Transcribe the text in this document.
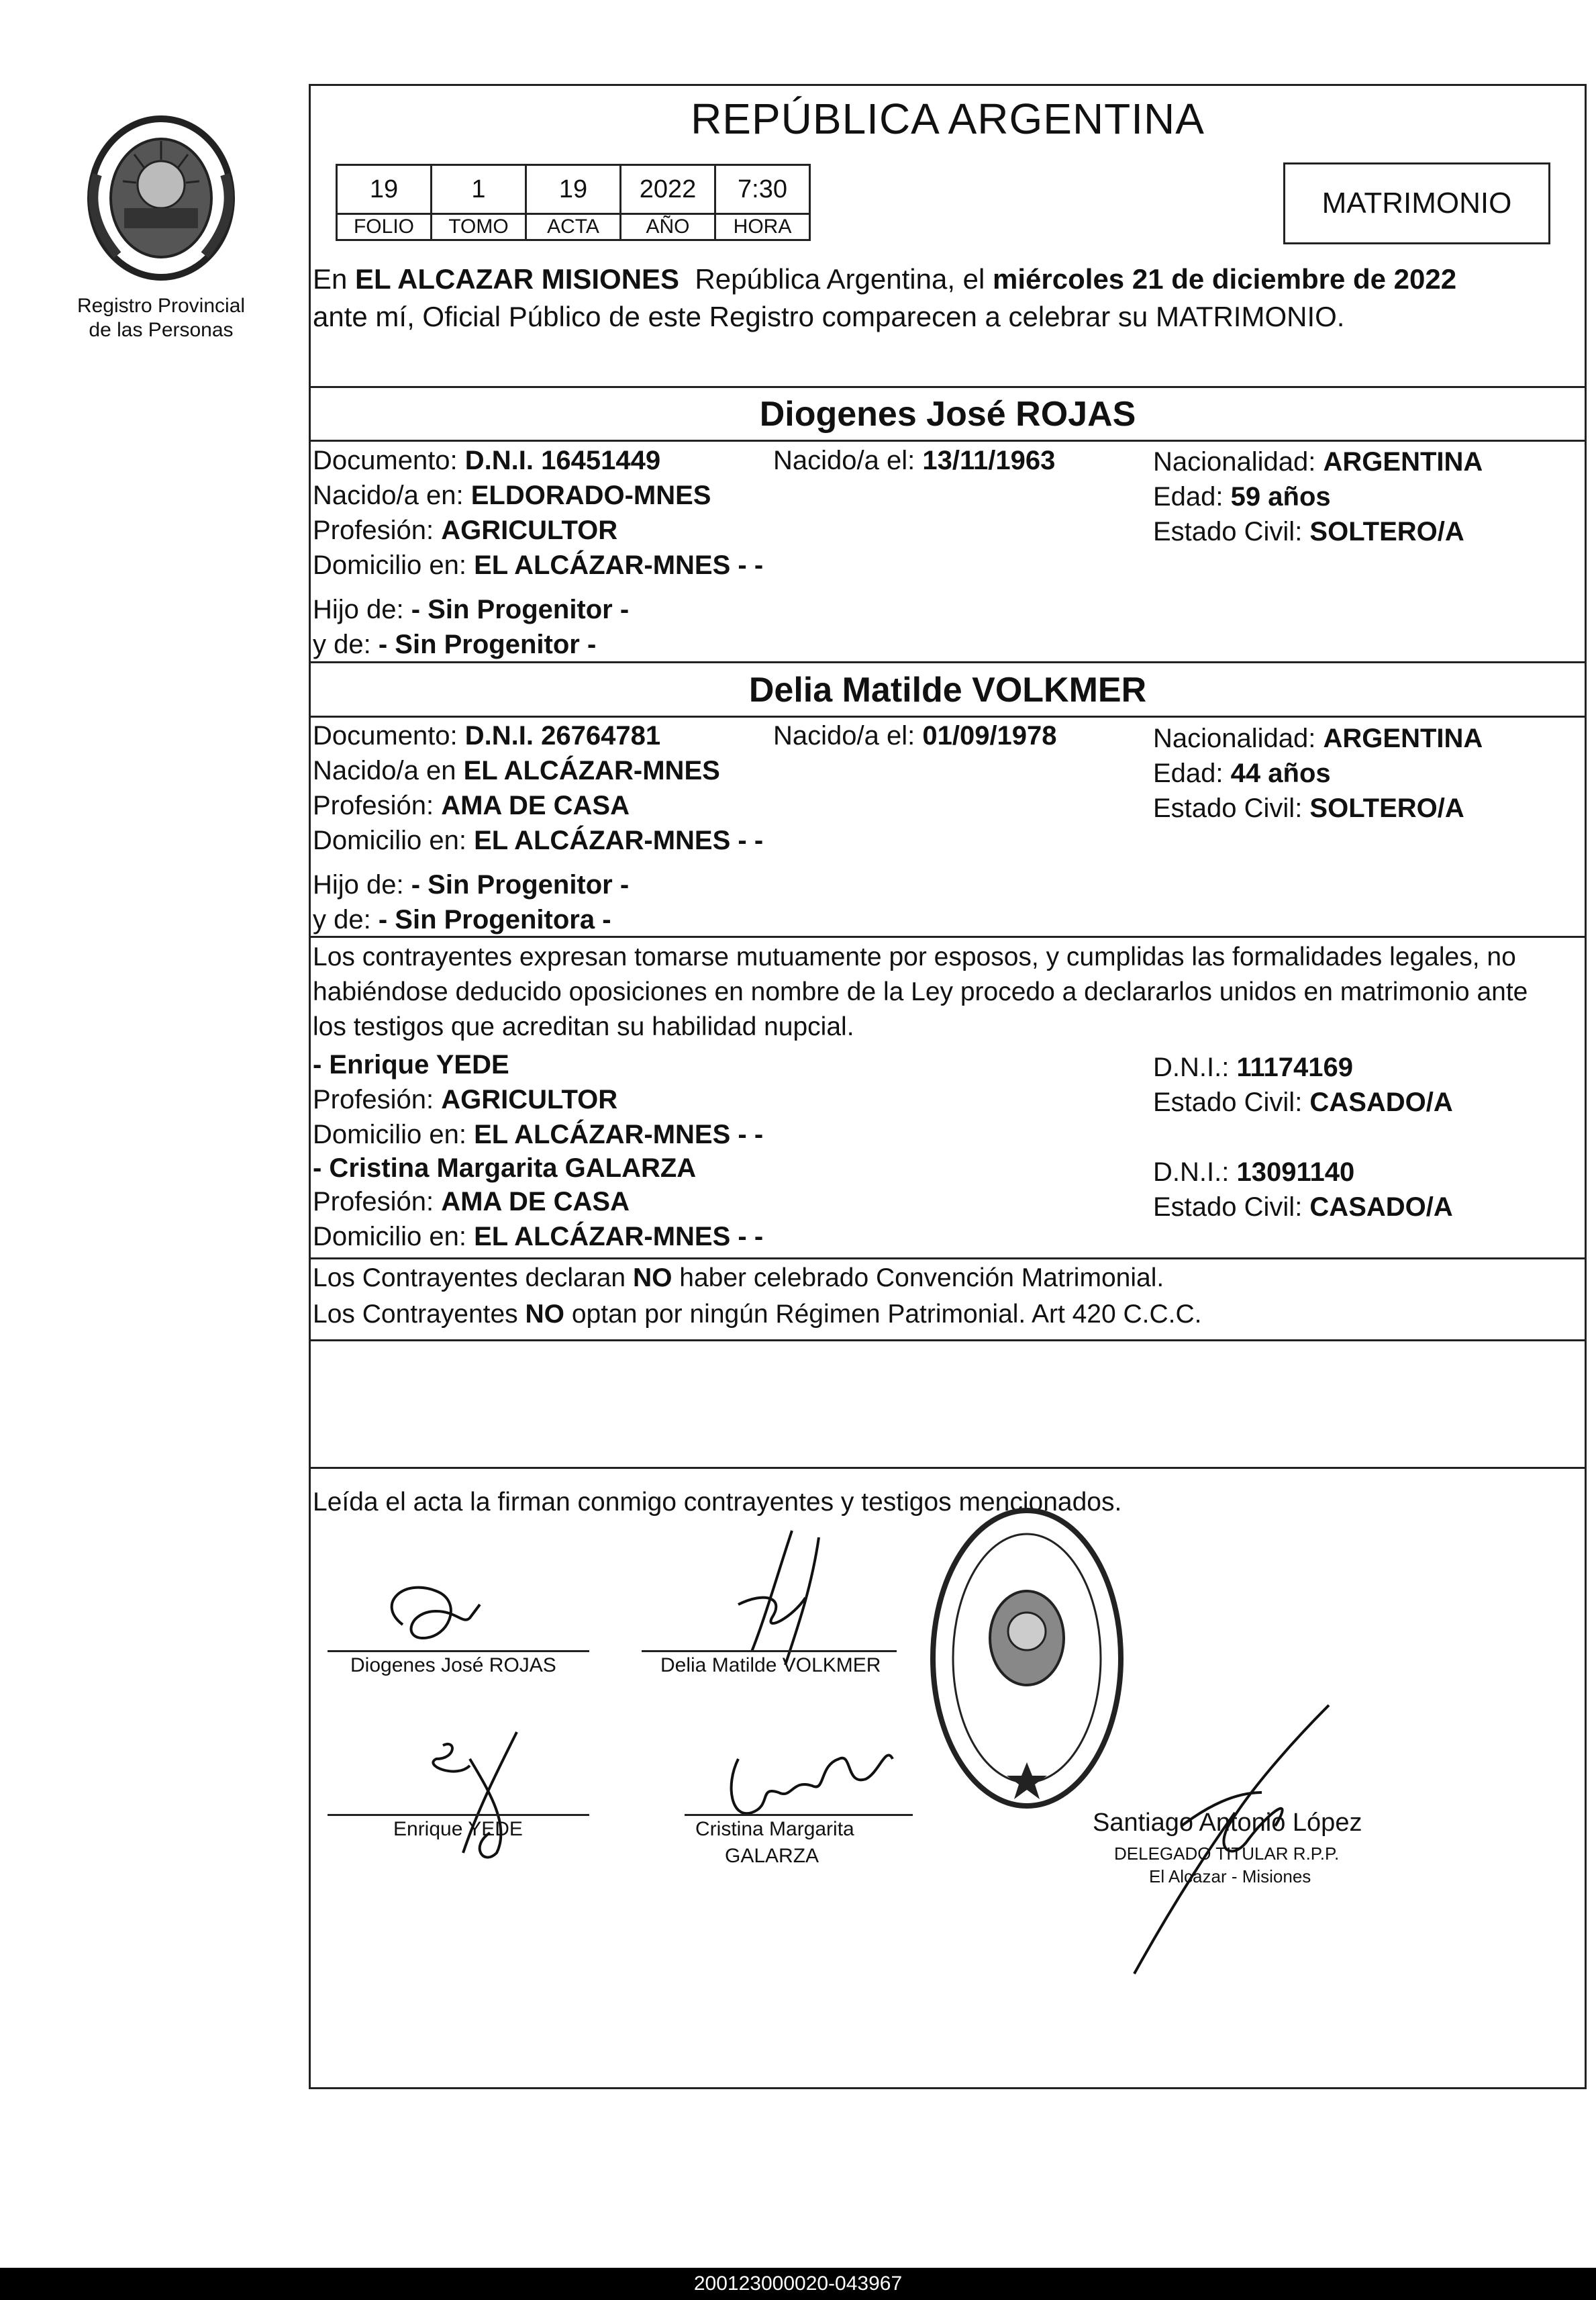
Registro Provincial
de las Personas
REPÚBLICA ARGENTINA
19	1	19	2022	7:30
FOLIO	TOMO	ACTA	AÑO	HORA
MATRIMONIO
En EL ALCAZAR MISIONES  República Argentina, el miércoles 21 de diciembre de 2022
ante mí, Oficial Público de este Registro comparecen a celebrar su MATRIMONIO.
Diogenes José ROJAS
Documento: D.N.I. 16451449	Nacido/a el: 13/11/1963	Nacionalidad: ARGENTINA
Nacido/a en: ELDORADO-MNES	Edad: 59 años
Profesión: AGRICULTOR	Estado Civil: SOLTERO/A
Domicilio en: EL ALCÁZAR-MNES - -
Hijo de: - Sin Progenitor -
y de: - Sin Progenitor -
Delia Matilde VOLKMER
Documento: D.N.I. 26764781	Nacido/a el: 01/09/1978	Nacionalidad: ARGENTINA
Nacido/a en EL ALCÁZAR-MNES	Edad: 44 años
Profesión: AMA DE CASA	Estado Civil: SOLTERO/A
Domicilio en: EL ALCÁZAR-MNES - -
Hijo de: - Sin Progenitor -
y de: - Sin Progenitora -
Los contrayentes expresan tomarse mutuamente por esposos, y cumplidas las formalidades legales, no
habiéndose deducido oposiciones en nombre de la Ley procedo a declararlos unidos en matrimonio ante
los testigos que acreditan su habilidad nupcial.
- Enrique YEDE	D.N.I.: 11174169
Profesión: AGRICULTOR	Estado Civil: CASADO/A
Domicilio en: EL ALCÁZAR-MNES - -
- Cristina Margarita GALARZA	D.N.I.: 13091140
Profesión: AMA DE CASA	Estado Civil: CASADO/A
Domicilio en: EL ALCÁZAR-MNES - -
Los Contrayentes declaran NO haber celebrado Convención Matrimonial.
Los Contrayentes NO optan por ningún Régimen Patrimonial. Art 420 C.C.C.
Leída el acta la firman conmigo contrayentes y testigos mencionados.
Diogenes José ROJAS	Delia Matilde VOLKMER
Enrique YEDE	Cristina Margarita
GALARZA
Santiago Antonio López
DELEGADO TITULAR R.P.P.
El Alcazar - Misiones
200123000020-043967
